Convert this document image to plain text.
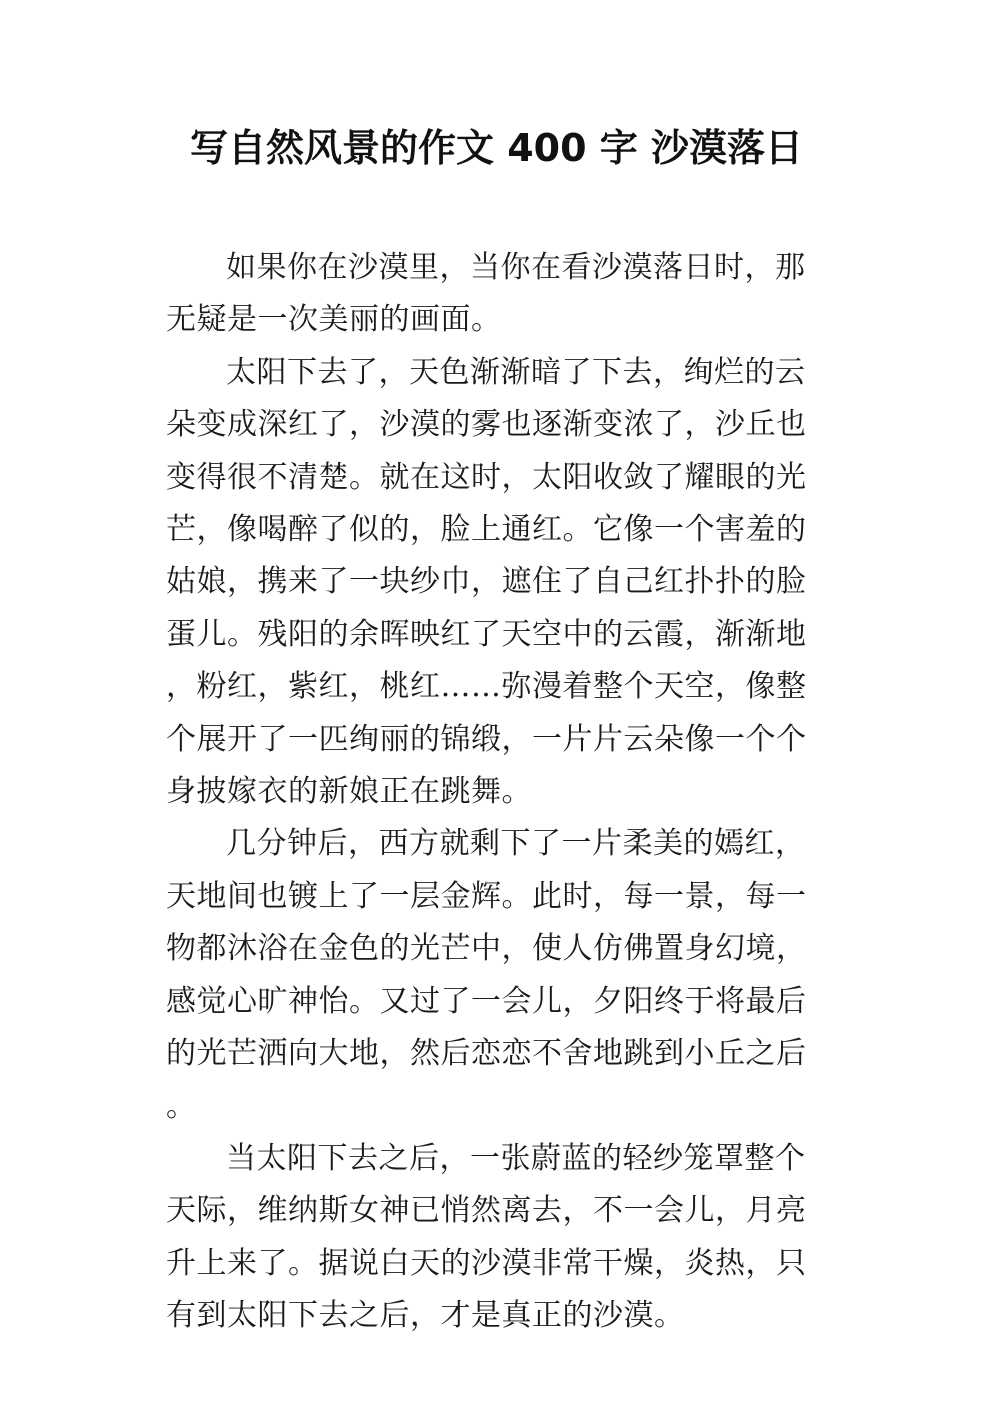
写自然风景的作文 400 字 沙漠落日

如果你在沙漠里，当你在看沙漠落日时，那无疑是一次美丽的画面。

太阳下去了，天色渐渐暗了下去，绚烂的云朵变成深红了，沙漠的雾也逐渐变浓了，沙丘也变得很不清楚。就在这时，太阳收敛了耀眼的光芒，像喝醉了似的，脸上通红。它像一个害羞的姑娘，携来了一块纱巾，遮住了自己红扑扑的脸蛋儿。残阳的余晖映红了天空中的云霞，渐渐地，粉红，紫红，桃红……弥漫着整个天空，像整个展开了一匹绚丽的锦缎，一片片云朵像一个个身披嫁衣的新娘正在跳舞。

几分钟后，西方就剩下了一片柔美的嫣红，天地间也镀上了一层金辉。此时，每一景，每一物都沐浴在金色的光芒中，使人仿佛置身幻境，感觉心旷神怡。又过了一会儿，夕阳终于将最后的光芒洒向大地，然后恋恋不舍地跳到小丘之后。

当太阳下去之后，一张蔚蓝的轻纱笼罩整个天际，维纳斯女神已悄然离去，不一会儿，月亮升上来了。据说白天的沙漠非常干燥，炎热，只有到太阳下去之后，才是真正的沙漠。
